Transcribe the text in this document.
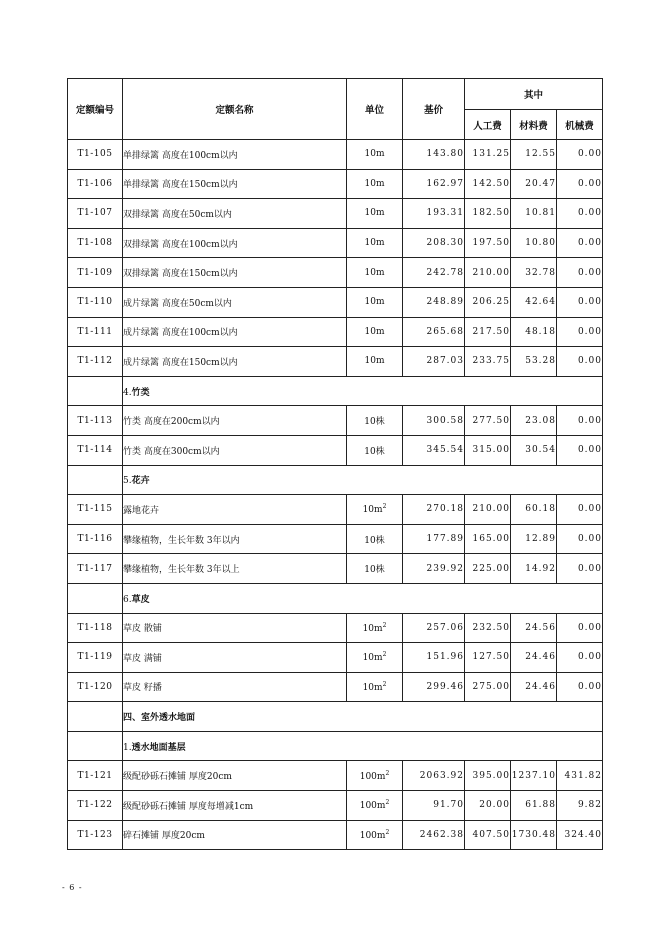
定额编号	定额名称	单位	基价	其中		
				人工费	材料费	机械费
T1-105	单排绿篱 高度在100cm以内	10m	143.80	131.25	12.55	0.00
T1-106	单排绿篱 高度在150cm以内	10m	162.97	142.50	20.47	0.00
T1-107	双排绿篱 高度在50cm以内	10m	193.31	182.50	10.81	0.00
T1-108	双排绿篱 高度在100cm以内	10m	208.30	197.50	10.80	0.00
T1-109	双排绿篱 高度在150cm以内	10m	242.78	210.00	32.78	0.00
T1-110	成片绿篱 高度在50cm以内	10m	248.89	206.25	42.64	0.00
T1-111	成片绿篱 高度在100cm以内	10m	265.68	217.50	48.18	0.00
T1-112	成片绿篱 高度在150cm以内	10m	287.03	233.75	53.28	0.00
	4.竹类					
T1-113	竹类 高度在200cm以内	10株	300.58	277.50	23.08	0.00
T1-114	竹类 高度在300cm以内	10株	345.54	315.00	30.54	0.00
	5.花卉					
T1-115	露地花卉	$10m^2$	270.18	210.00	60.18	0.00
T1-116	攀缘植物，生长年数 3年以内	10株	177.89	165.00	12.89	0.00
T1-117	攀缘植物，生长年数 3年以上	10株	239.92	225.00	14.92	0.00
	6.草皮					
T1-118	草皮 散铺	$10m^2$	257.06	232.50	24.56	0.00
T1-119	草皮 满铺	$10m^2$	151.96	127.50	24.46	0.00
T1-120	草皮 籽播	$10m^2$	299.46	275.00	24.46	0.00
	四、室外透水地面					
	1.透水地面基层					
T1-121	级配砂砾石摊铺 厚度20cm	$100m^2$	2063.92	395.00	1237.10	431.82
T1-122	级配砂砾石摊铺 厚度每增减1cm	$100m^2$	91.70	20.00	61.88	9.82
T1-123	碎石摊铺 厚度20cm	$100m^2$	2462.38	407.50	1730.48	324.40
- 6 -
